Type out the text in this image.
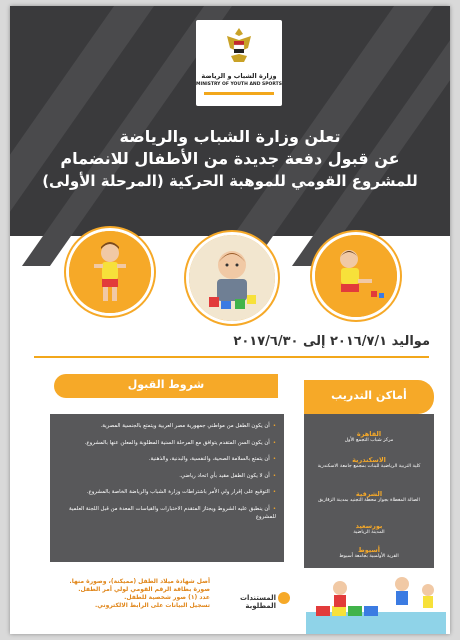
وزارة الشباب و الرياضة
MINISTRY OF YOUTH AND SPORTS
تعلن وزارة الشباب والرياضة
عن قبول دفعة جديدة من الأطفال للانضمام
للمشروع القومي للموهبة الحركية (المرحلة الأولى)
مواليد ٢٠١٦/٧/١ إلى ٢٠١٧/٦/٣٠
شروط القبول
• أن يكون الطفل من مواطني جمهورية مصر العربية ويتمتع بالجنسية المصرية.
• أن يكون السن المتقدم يتوافق مع المرحلة السنية المطلوبة والمعلن عنها بالمشروع.
• أن يتمتع بالسلامة الصحية، والنفسية، والبدنية، والذهنية.
• أن لا يكون الطفل مقيد بأي اتحاد رياضي.
• التوقيع على إقرار ولي الأمر باشتراطات وزارة الشباب والرياضة الخاصة بالمشروع.
• أن ينطبق عليه الشروط ويجتاز المتقدم الاختبارات والقياسات المعدة من قبل اللجنة العلمية للمشروع
أماكن التدريب
القاهرة
مركز شباب التجمع الأول
الاسكندرية
كلية التربية الرياضية للبنات بمجمع جامعة الاسكندرية
الشرقية
الصالة المغطاة بجوار محطة التجنيد بمدينة الزقازيق
بورسعيد
المدينة الرياضية
أسيوط
القرية الأولمبية بجامعة أسيوط
المستندات المطلوبة
أصل شهادة ميلاد الطفل (مميكنة)، وصورة منها.
صورة بطاقة الرقم القومي لولي أمر الطفل.
عدد (١) صور شخصية للطفل.
تسجيل البيانات على الرابط الالكتروني.
